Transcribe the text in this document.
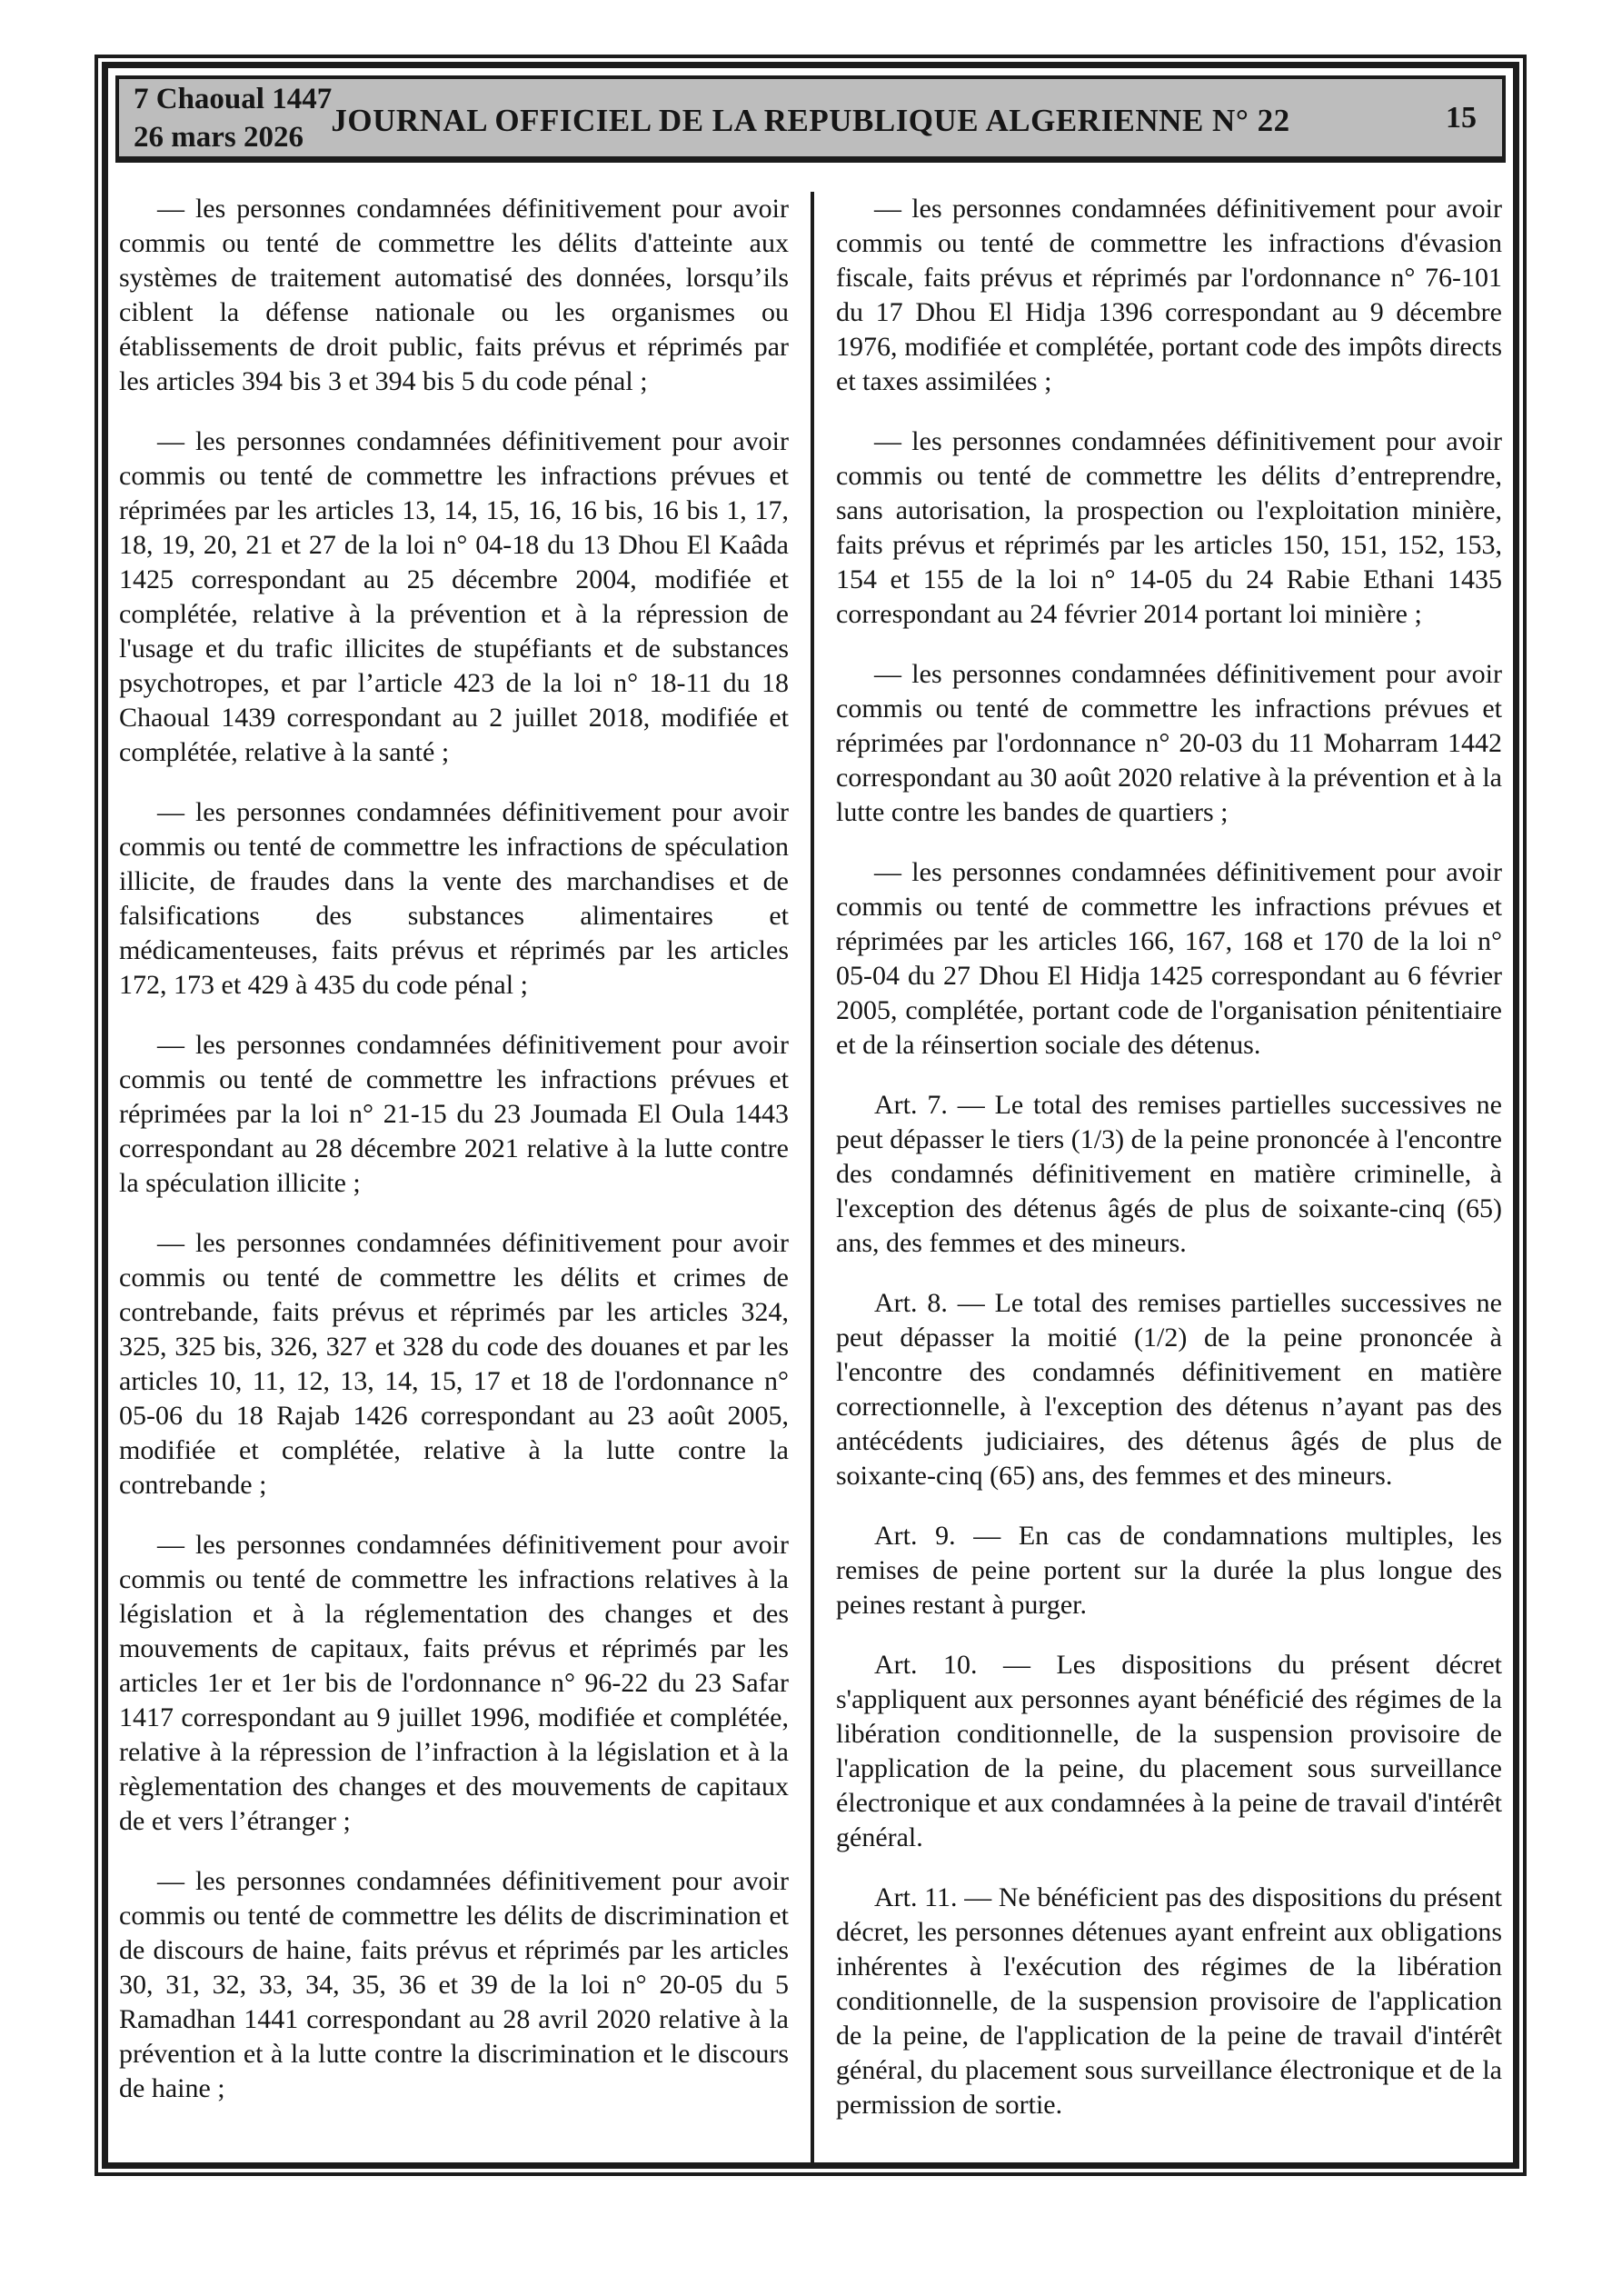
7 Chaoual 1447
26 mars 2026 JOURNAL OFFICIEL DE LA REPUBLIQUE ALGERIENNE N° 22	15

— les personnes condamnées définitivement pour avoir commis ou tenté de commettre les délits d'atteinte aux systèmes de traitement automatisé des données, lorsqu’ils ciblent la défense nationale ou les organismes ou établissements de droit public, faits prévus et réprimés par les articles 394 bis 3 et 394 bis 5 du code pénal ;

— les personnes condamnées définitivement pour avoir commis ou tenté de commettre les infractions prévues et réprimées par les articles 13, 14, 15, 16, 16 bis, 16 bis 1, 17, 18, 19, 20, 21 et 27 de la loi n° 04-18 du 13 Dhou El Kaâda 1425 correspondant au 25 décembre 2004, modifiée et complétée, relative à la prévention et à la répression de l'usage et du trafic illicites de stupéfiants et de substances psychotropes, et par l’article 423 de la loi n° 18-11 du 18 Chaoual 1439 correspondant au 2 juillet 2018, modifiée et complétée, relative à la santé ;

— les personnes condamnées définitivement pour avoir commis ou tenté de commettre les infractions de spéculation illicite, de fraudes dans la vente des marchandises et de falsifications des substances alimentaires et médicamenteuses, faits prévus et réprimés par les articles 172, 173 et 429 à 435 du code pénal ;

— les personnes condamnées définitivement pour avoir commis ou tenté de commettre les infractions prévues et réprimées par la loi n° 21-15 du 23 Joumada El Oula 1443 correspondant au 28 décembre 2021 relative à la lutte contre la spéculation illicite ;

— les personnes condamnées définitivement pour avoir commis ou tenté de commettre les délits et crimes de contrebande, faits prévus et réprimés par les articles 324, 325, 325 bis, 326, 327 et 328 du code des douanes et par les articles 10, 11, 12, 13, 14, 15, 17 et 18 de l'ordonnance n° 05-06 du 18 Rajab 1426 correspondant au 23 août 2005, modifiée et complétée, relative à la lutte contre la contrebande ;

— les personnes condamnées définitivement pour avoir commis ou tenté de commettre les infractions relatives à la législation et à la réglementation des changes et des mouvements de capitaux, faits prévus et réprimés par les articles 1er et 1er bis de l'ordonnance n° 96-22 du 23 Safar 1417 correspondant au 9 juillet 1996, modifiée et complétée, relative à la répression de l’infraction à la législation et à la règlementation des changes et des mouvements de capitaux de et vers l’étranger ;

— les personnes condamnées définitivement pour avoir commis ou tenté de commettre les délits de discrimination et de discours de haine, faits prévus et réprimés par les articles 30, 31, 32, 33, 34, 35, 36 et 39 de la loi n° 20-05 du 5 Ramadhan 1441 correspondant au 28 avril 2020 relative à la prévention et à la lutte contre la discrimination et le discours de haine ;

— les personnes condamnées définitivement pour avoir commis ou tenté de commettre les infractions d'évasion fiscale, faits prévus et réprimés par l'ordonnance n° 76-101 du 17 Dhou El Hidja 1396 correspondant au 9 décembre 1976, modifiée et complétée, portant code des impôts directs et taxes assimilées ;

— les personnes condamnées définitivement pour avoir commis ou tenté de commettre les délits d’entreprendre, sans autorisation, la prospection ou l'exploitation minière, faits prévus et réprimés par les articles 150, 151, 152, 153, 154 et 155 de la loi n° 14-05 du 24 Rabie Ethani 1435 correspondant au 24 février 2014 portant loi minière ;

— les personnes condamnées définitivement pour avoir commis ou tenté de commettre les infractions prévues et réprimées par l'ordonnance n° 20-03 du 11 Moharram 1442 correspondant au 30 août 2020 relative à la prévention et à la lutte contre les bandes de quartiers ;

— les personnes condamnées définitivement pour avoir commis ou tenté de commettre les infractions prévues et réprimées par les articles 166, 167, 168 et 170 de la loi n° 05-04 du 27 Dhou El Hidja 1425 correspondant au 6 février 2005, complétée, portant code de l'organisation pénitentiaire et de la réinsertion sociale des détenus.

Art. 7. — Le total des remises partielles successives ne peut dépasser le tiers (1/3) de la peine prononcée à l'encontre des condamnés définitivement en matière criminelle, à l'exception des détenus âgés de plus de soixante-cinq (65) ans, des femmes et des mineurs.

Art. 8. — Le total des remises partielles successives ne peut dépasser la moitié (1/2) de la peine prononcée à l'encontre des condamnés définitivement en matière correctionnelle, à l'exception des détenus n’ayant pas des antécédents judiciaires, des détenus âgés de plus de soixante-cinq (65) ans, des femmes et des mineurs.

Art. 9. — En cas de condamnations multiples, les remises de peine portent sur la durée la plus longue des peines restant à purger.

Art. 10. — Les dispositions du présent décret s'appliquent aux personnes ayant bénéficié des régimes de la libération conditionnelle, de la suspension provisoire de l'application de la peine, du placement sous surveillance électronique et aux condamnées à la peine de travail d'intérêt général.

Art. 11. — Ne bénéficient pas des dispositions du présent décret, les personnes détenues ayant enfreint aux obligations inhérentes à l'exécution des régimes de la libération conditionnelle, de la suspension provisoire de l'application de la peine, de l'application de la peine de travail d'intérêt général, du placement sous surveillance électronique et de la permission de sortie.
